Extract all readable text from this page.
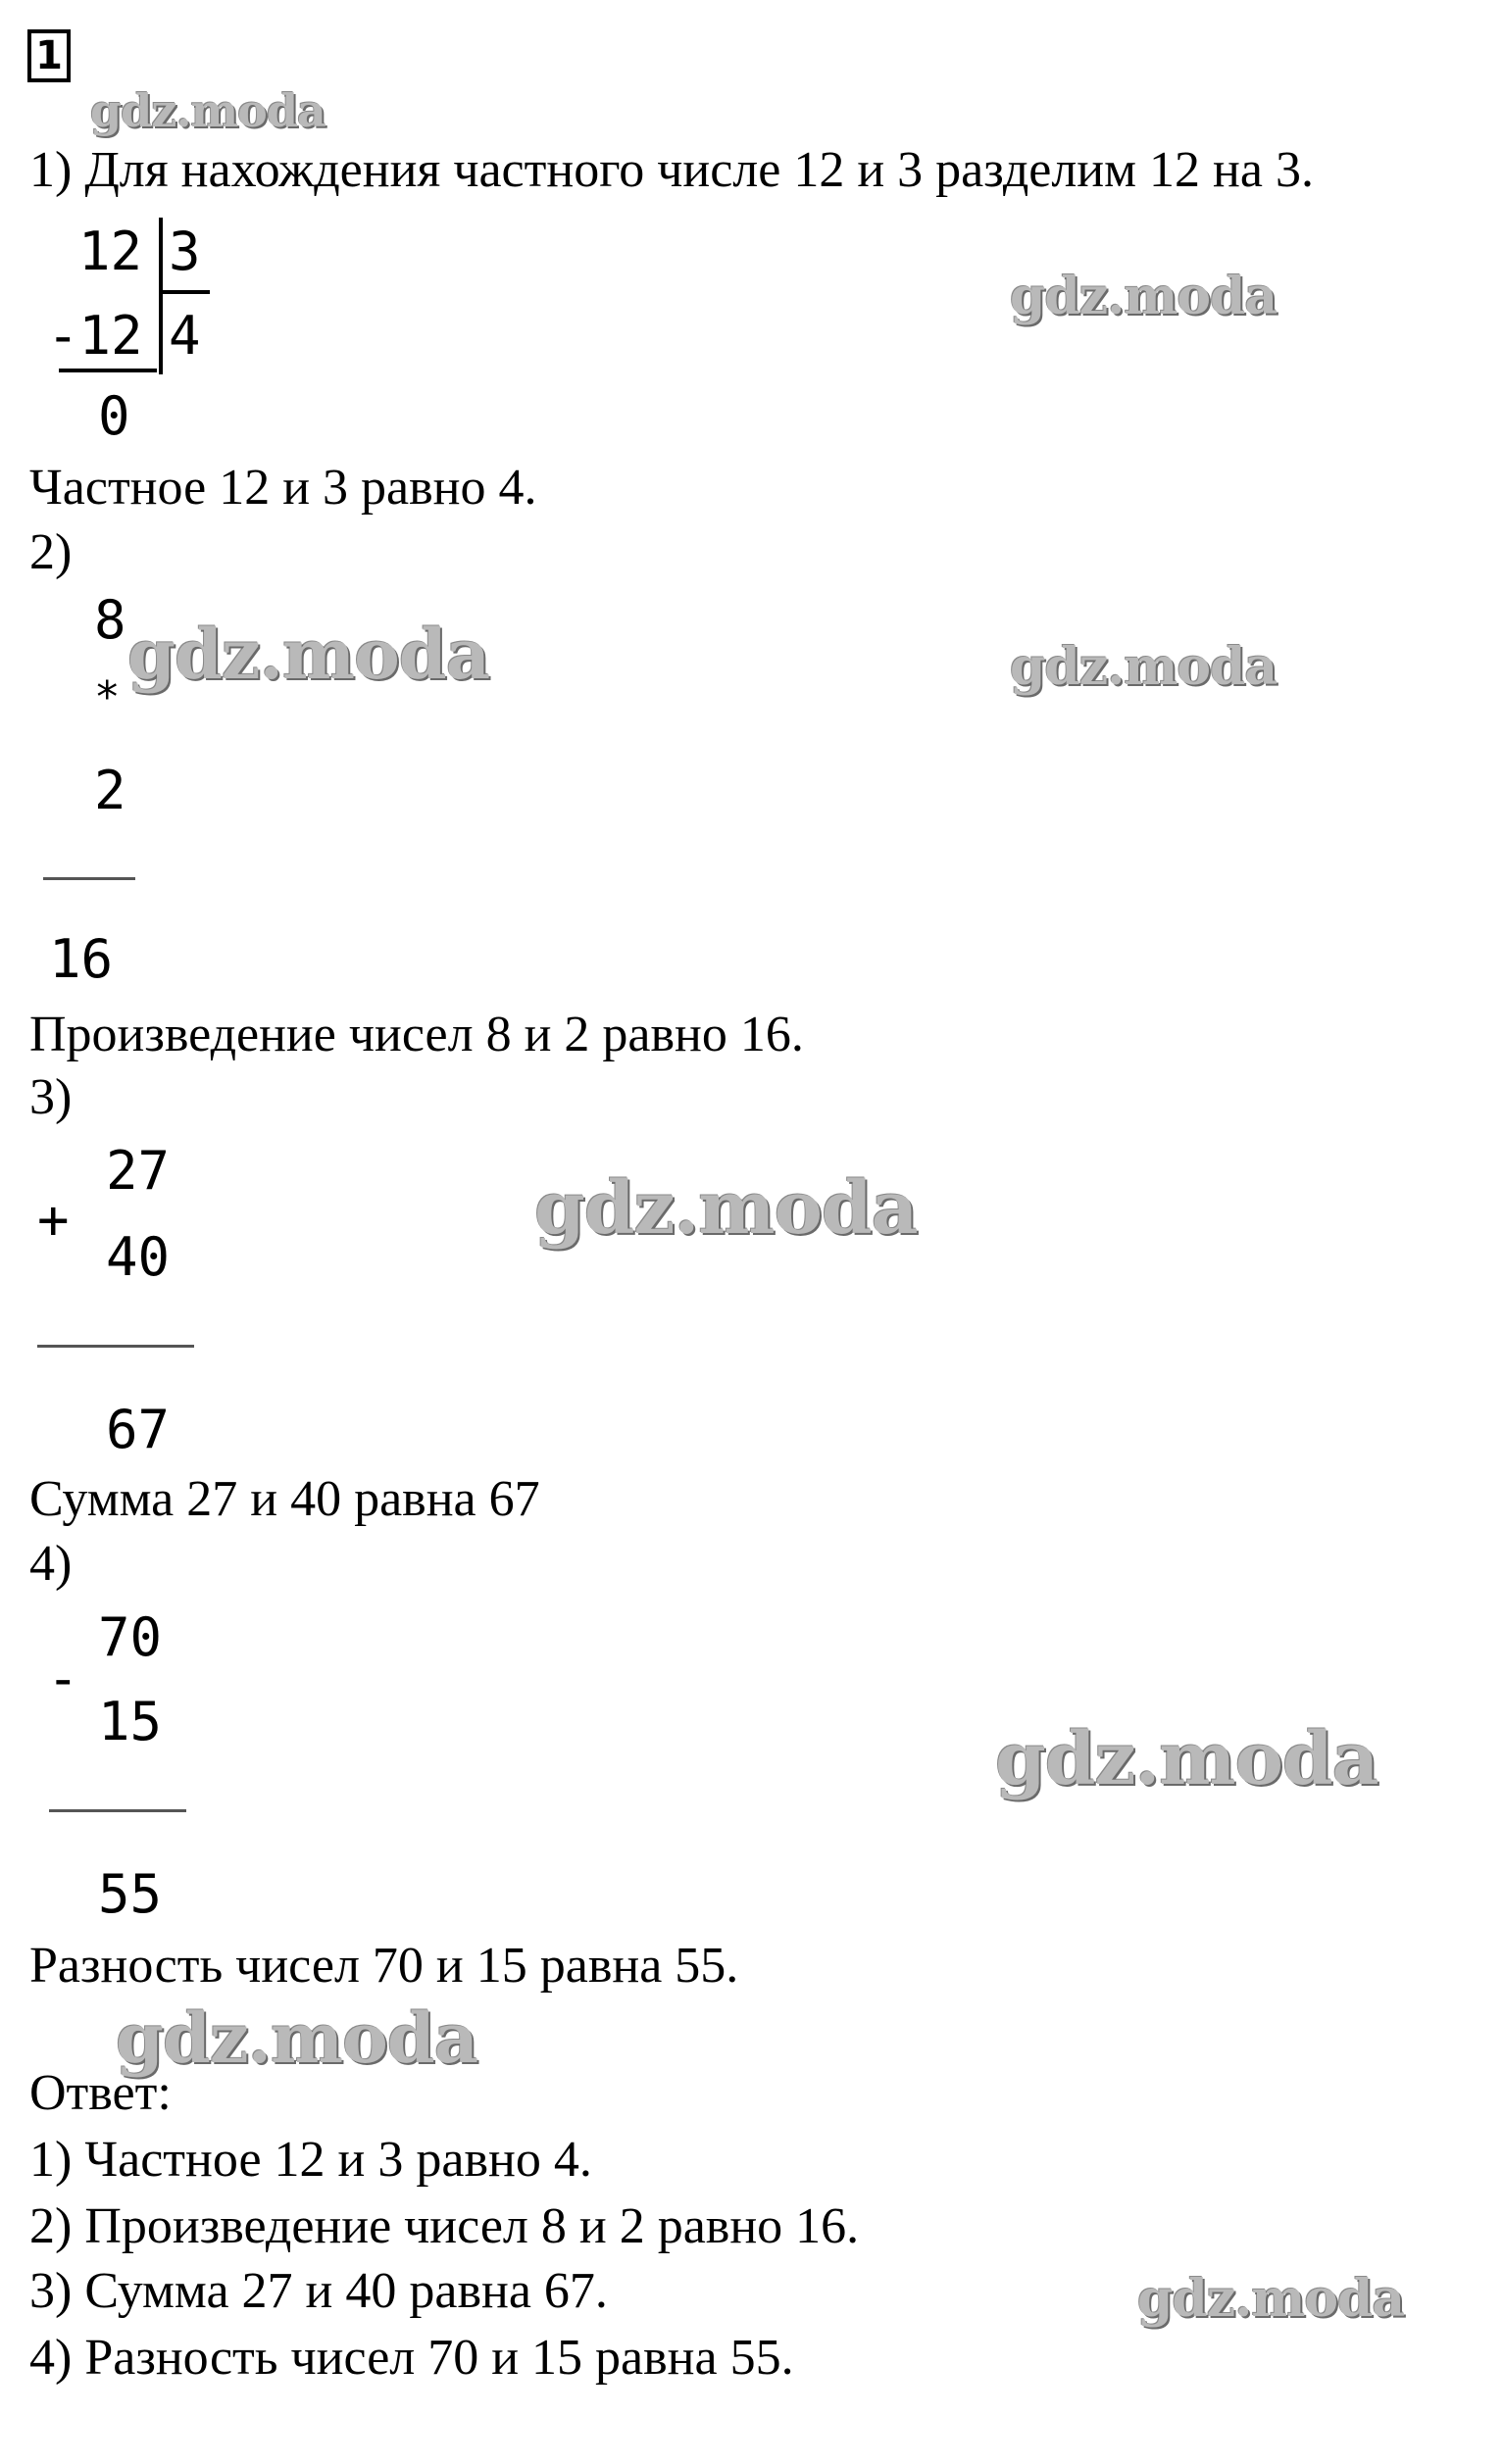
1
gdz.moda
gdz.moda
gdz.moda	gdz.moda
gdz.moda
gdz.moda
gdz.moda
gdz.moda
1) Для нахождения частного числе 12 и 3 разделим 12 на 3.
12 3
-12 4
0
Частное 12 и 3 равно 4.
2)
8
*
2
16
Произведение чисел 8 и 2 равно 16.
3)
+
27
40
67
Сумма 27 и 40 равна 67
4)
-
70
15
55
Разность чисел 70 и 15 равна 55.
Ответ:
1) Частное 12 и 3 равно 4.
2) Произведение чисел 8 и 2 равно 16.
3) Сумма 27 и 40 равна 67.
4) Разность чисел 70 и 15 равна 55.
